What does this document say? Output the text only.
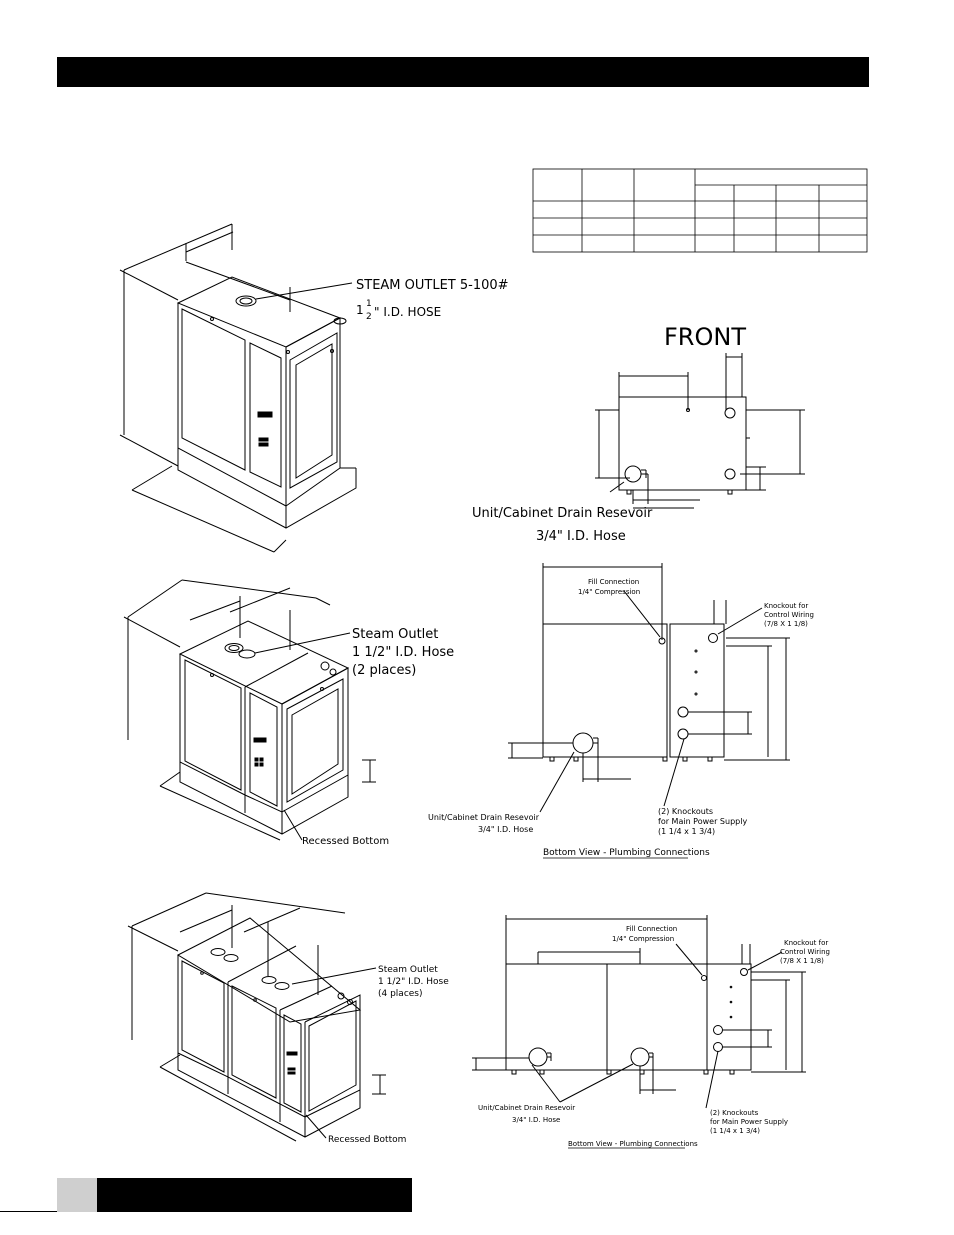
STEAM OUTLET 5-100#
1 1
2 " I.D. HOSE
FRONT
Unit/Cabinet Drain Resevoir
3/4" I.D. Hose
Steam Outlet
1 1/2" I.D. Hose
(2 places)
Recessed Bottom
Fill Connection
1/4" Compression
Knockout for
Control Wiring
(7/8 X 1 1/8)
Unit/Cabinet Drain Resevoir
3/4" I.D. Hose
(2) Knockouts
for Main Power Supply
(1 1/4 x 1 3/4)
Bottom View - Plumbing Connections
Steam Outlet
1 1/2" I.D. Hose
(4 places)
Recessed Bottom
Fill Connection
1/4" Compression	Knockout for
Control Wiring
(7/8 X 1 1/8)
Unit/Cabinet Drain Resevoir
3/4" I.D. Hose
(2) Knockouts
for Main Power Supply
(1 1/4 x 1 3/4)
Bottom View - Plumbing Connections
